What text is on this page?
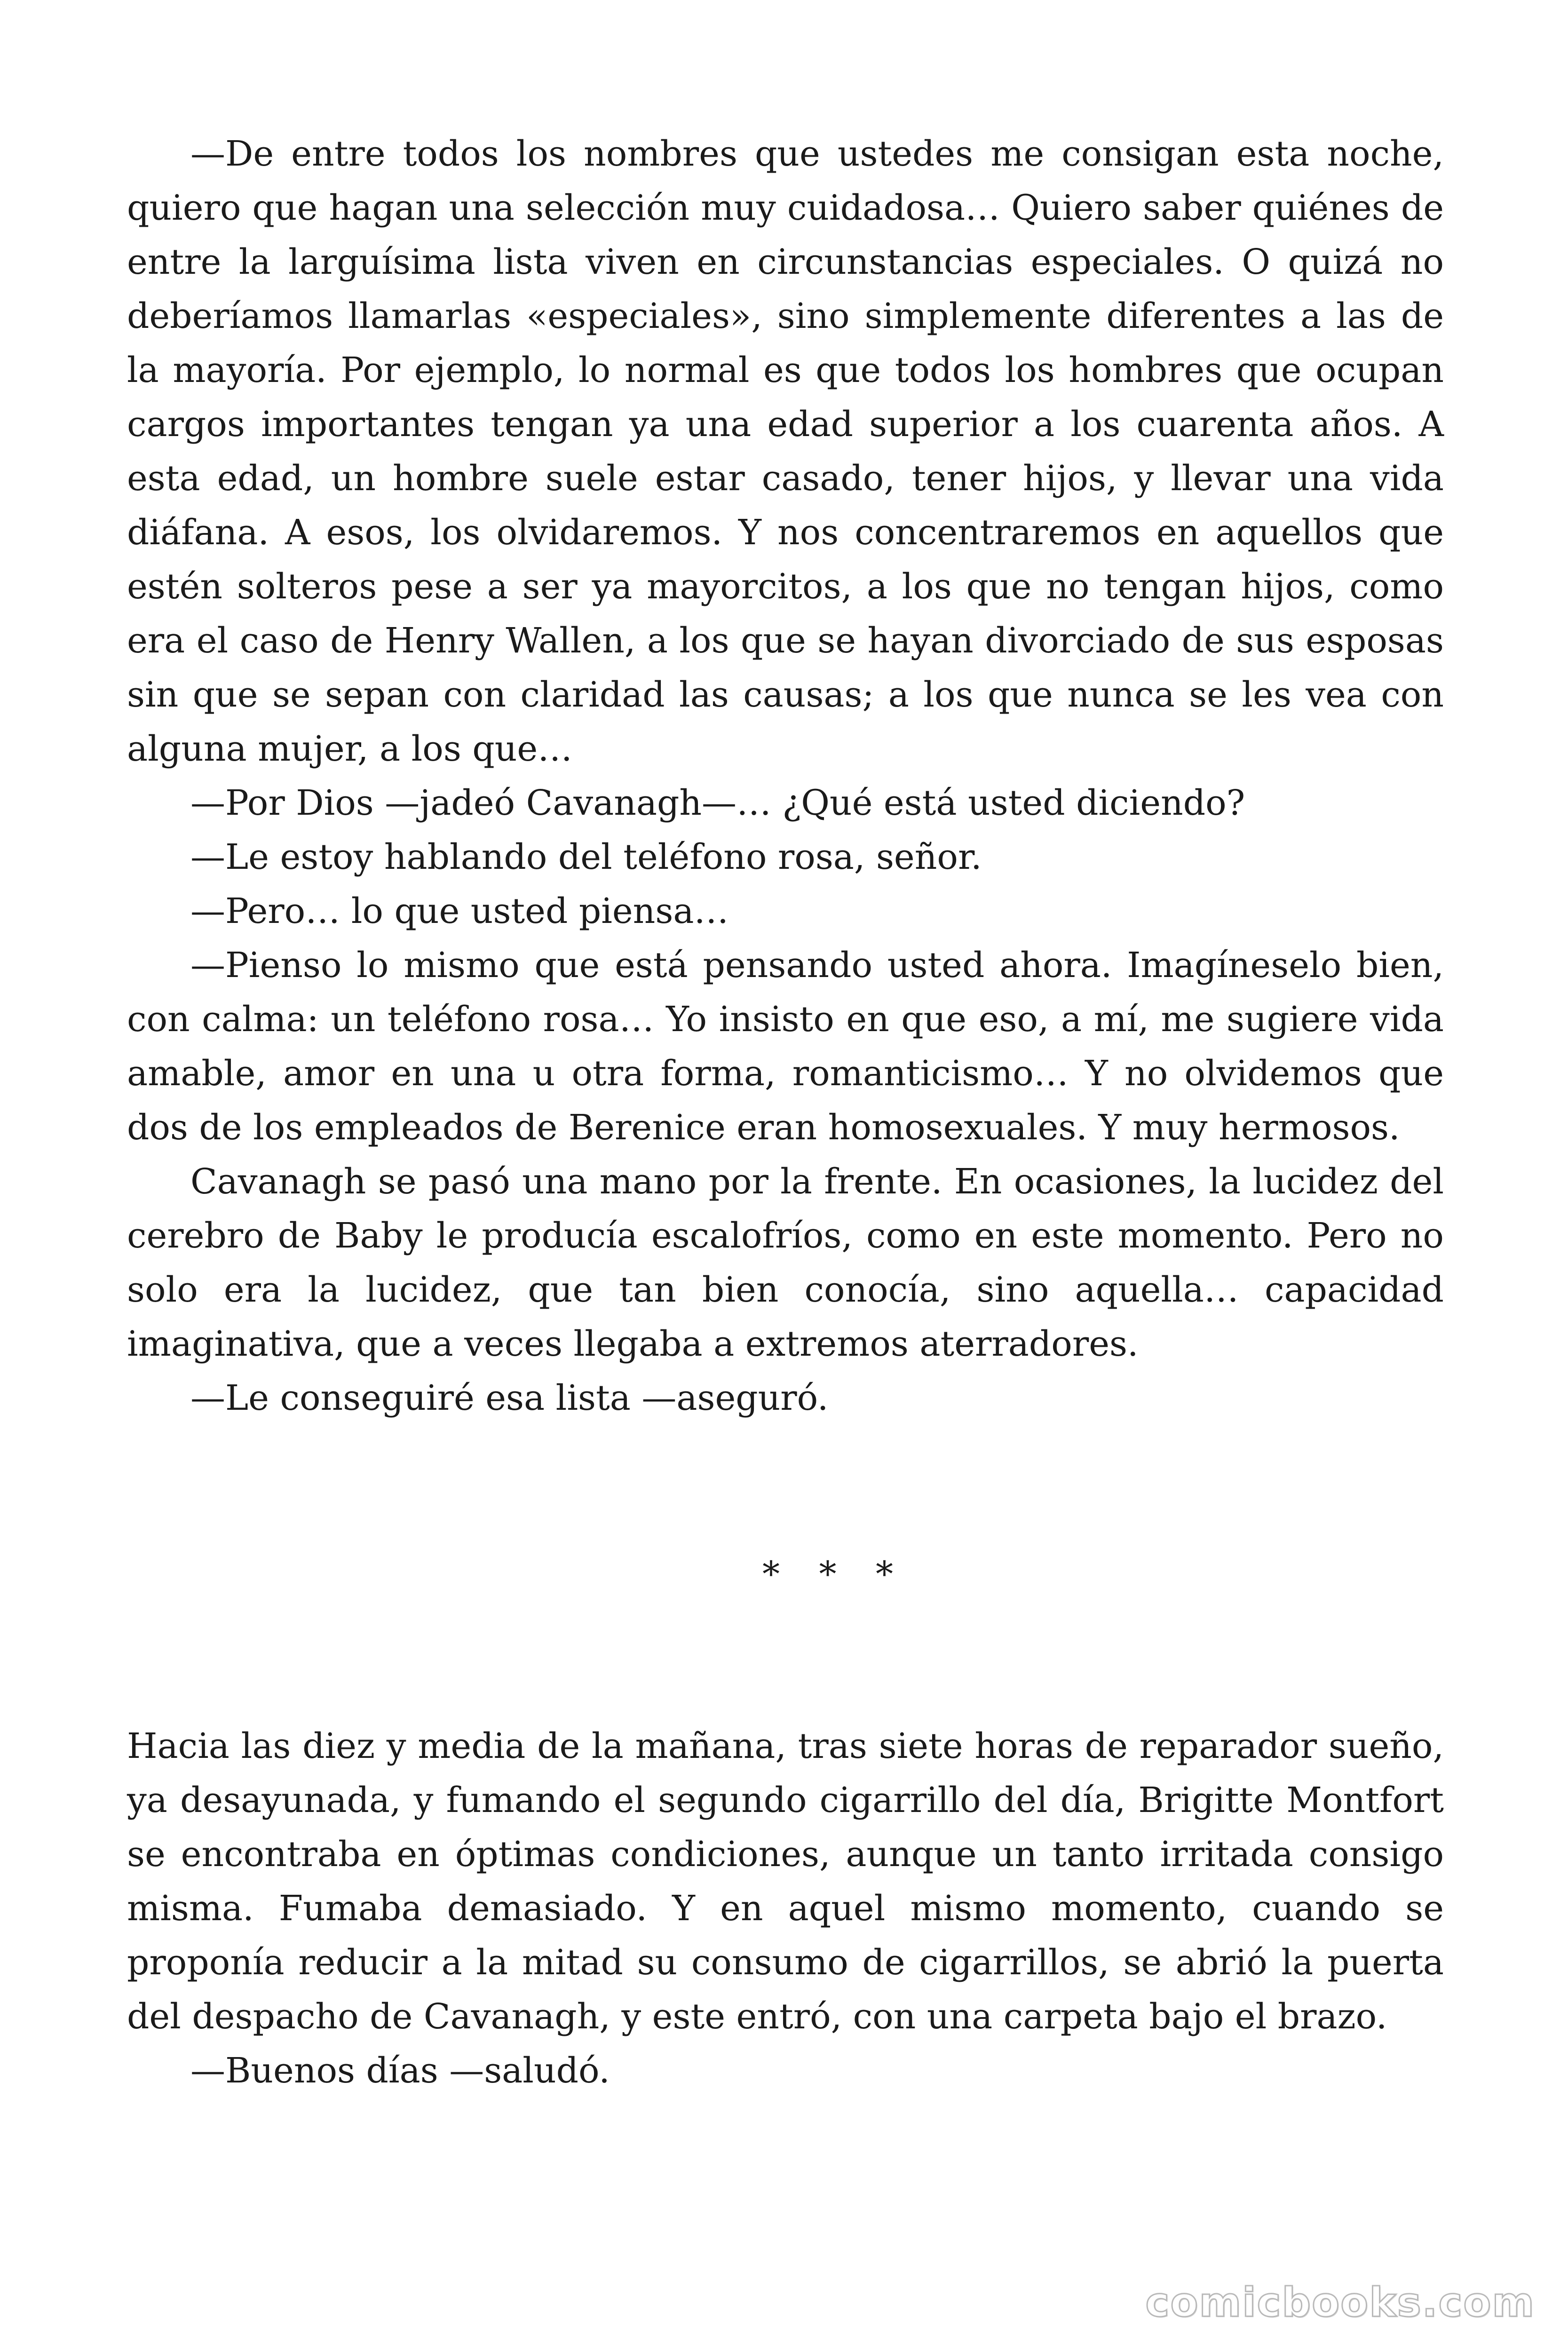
—De entre todos los nombres que ustedes me consigan esta noche, quiero que hagan una selección muy cuidadosa… Quiero saber quiénes de entre la larguísima lista viven en circunstancias especiales. O quizá no deberíamos llamarlas «especiales», sino simplemente diferentes a las de la mayoría. Por ejemplo, lo normal es que todos los hombres que ocupan cargos importantes tengan ya una edad superior a los cuarenta años. A esta edad, un hombre suele estar casado, tener hijos, y llevar una vida diáfana. A esos, los olvidaremos. Y nos concentraremos en aquellos que estén solteros pese a ser ya mayorcitos, a los que no tengan hijos, como era el caso de Henry Wallen, a los que se hayan divorciado de sus esposas sin que se sepan con claridad las causas; a los que nunca se les vea con alguna mujer, a los que…

—Por Dios —jadeó Cavanagh—… ¿Qué está usted diciendo?

—Le estoy hablando del teléfono rosa, señor.

—Pero… lo que usted piensa…

—Pienso lo mismo que está pensando usted ahora. Imagíneselo bien, con calma: un teléfono rosa… Yo insisto en que eso, a mí, me sugiere vida amable, amor en una u otra forma, romanticismo… Y no olvidemos que dos de los empleados de Berenice eran homosexuales. Y muy hermosos.

Cavanagh se pasó una mano por la frente. En ocasiones, la lucidez del cerebro de Baby le producía escalofríos, como en este momento. Pero no solo era la lucidez, que tan bien conocía, sino aquella… capacidad imaginativa, que a veces llegaba a extremos aterradores.

—Le conseguiré esa lista —aseguró.

* * *

Hacia las diez y media de la mañana, tras siete horas de reparador sueño, ya desayunada, y fumando el segundo cigarrillo del día, Brigitte Montfort se encontraba en óptimas condiciones, aunque un tanto irritada consigo misma. Fumaba demasiado. Y en aquel mismo momento, cuando se proponía reducir a la mitad su consumo de cigarrillos, se abrió la puerta del despacho de Cavanagh, y este entró, con una carpeta bajo el brazo.

—Buenos días —saludó.

comicbooks.com
